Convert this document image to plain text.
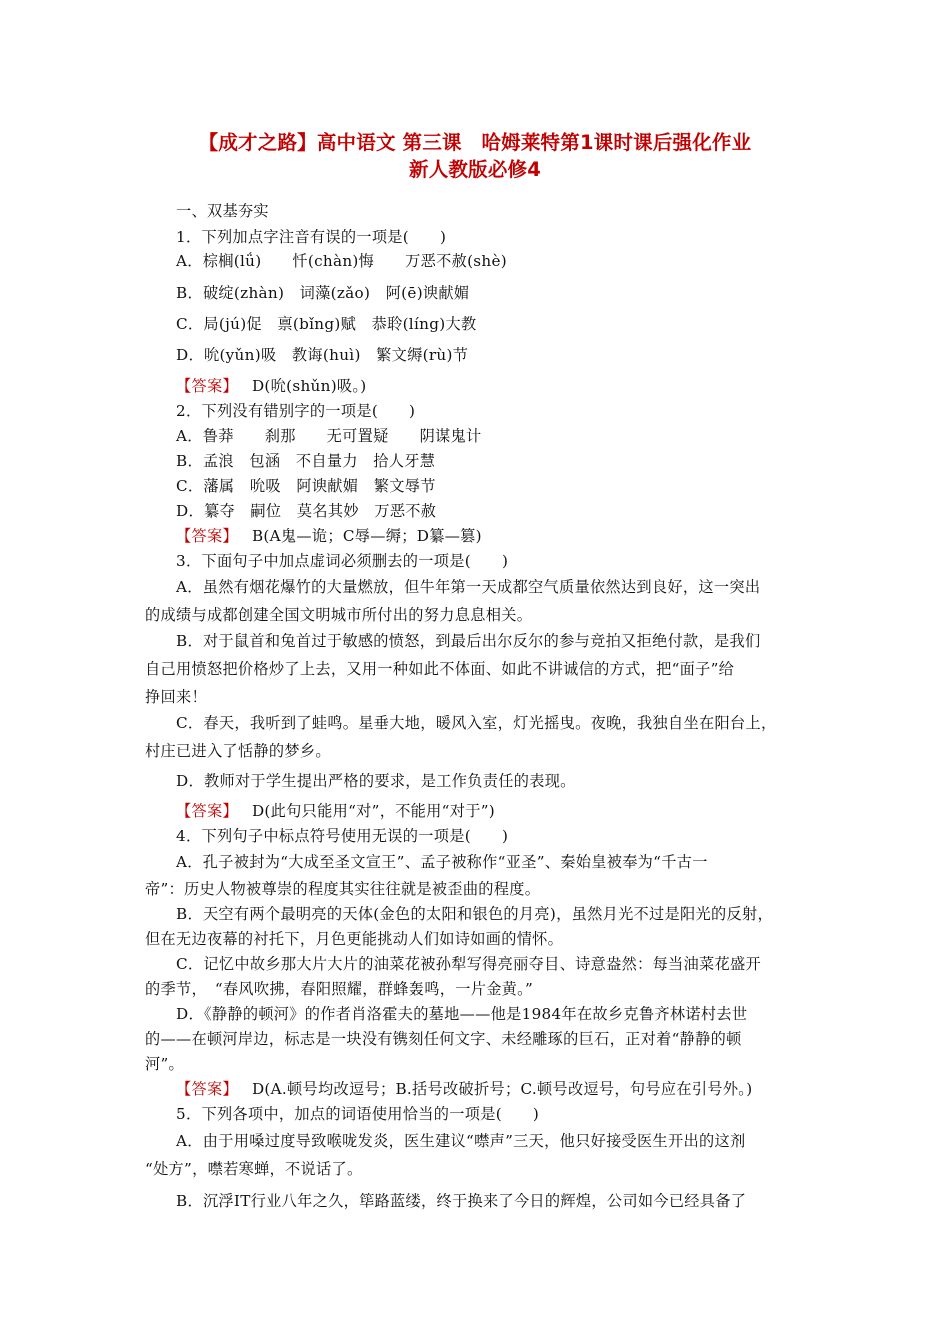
【成才之路】高中语文 第三课　哈姆莱特第1课时课后强化作业
新人教版必修4
一、双基夯实
1．下列加点字注音有误的一项是(　　)
A．棕榈(lǘ)　　忏(chàn)悔　　万恶不赦(shè)
B．破绽(zhàn)　词藻(zǎo)　阿(ē)谀献媚
C．局(jú)促　禀(bǐng)赋　恭聆(líng)大教
D．吮(yǔn)吸　教诲(huì)　繁文缛(rù)节
【答案】 D(吮(shǔn)吸。)
2．下列没有错别字的一项是(　　)
A．鲁莽　　刹那　　无可置疑　　阴谋鬼计
B．孟浪　包涵　不自量力　拾人牙慧
C．藩属　吮吸　阿谀献媚　繁文辱节
D．纂夺　嗣位　莫名其妙　万恶不赦
【答案】 B(A鬼—诡；C辱—缛；D纂—篡)
3．下面句子中加点虚词必须删去的一项是(　　)
A．虽然有烟花爆竹的大量燃放，但牛年第一天成都空气质量依然达到良好，这一突出
的成绩与成都创建全国文明城市所付出的努力息息相关。
B．对于鼠首和兔首过于敏感的愤怒，到最后出尔反尔的参与竞拍又拒绝付款，是我们
自己用愤怒把价格炒了上去，又用一种如此不体面、如此不讲诚信的方式，把“面子”给
挣回来！
C．春天，我听到了蛙鸣。星垂大地，暖风入室，灯光摇曳。夜晚，我独自坐在阳台上，
村庄已进入了恬静的梦乡。
D．教师对于学生提出严格的要求，是工作负责任的表现。
【答案】 D(此句只能用“对”，不能用“对于”)
4．下列句子中标点符号使用无误的一项是(　　)
A．孔子被封为“大成至圣文宣王”、孟子被称作“亚圣”、秦始皇被奉为“千古一
帝”：历史人物被尊崇的程度其实往往就是被歪曲的程度。
B．天空有两个最明亮的天体(金色的太阳和银色的月亮)，虽然月光不过是阳光的反射，
但在无边夜幕的衬托下，月色更能挑动人们如诗如画的情怀。
C．记忆中故乡那大片大片的油菜花被孙犁写得亮丽夺目、诗意盎然：每当油菜花盛开
的季节，　“春风吹拂，春阳照耀，群蜂轰鸣，一片金黄。”
D．《静静的顿河》的作者肖洛霍夫的墓地——他是1984年在故乡克鲁齐林诺村去世
的——在顿河岸边，标志是一块没有镌刻任何文字、未经雕琢的巨石，正对着“静静的顿
河”。
【答案】 D(A.顿号均改逗号；B.括号改破折号；C.顿号改逗号，句号应在引号外。)
5．下列各项中，加点的词语使用恰当的一项是(　　)
A．由于用嗓过度导致喉咙发炎，医生建议“噤声”三天，他只好接受医生开出的这剂
“处方”，噤若寒蝉，不说话了。
B．沉浮IT行业八年之久，筚路蓝缕，终于换来了今日的辉煌，公司如今已经具备了
